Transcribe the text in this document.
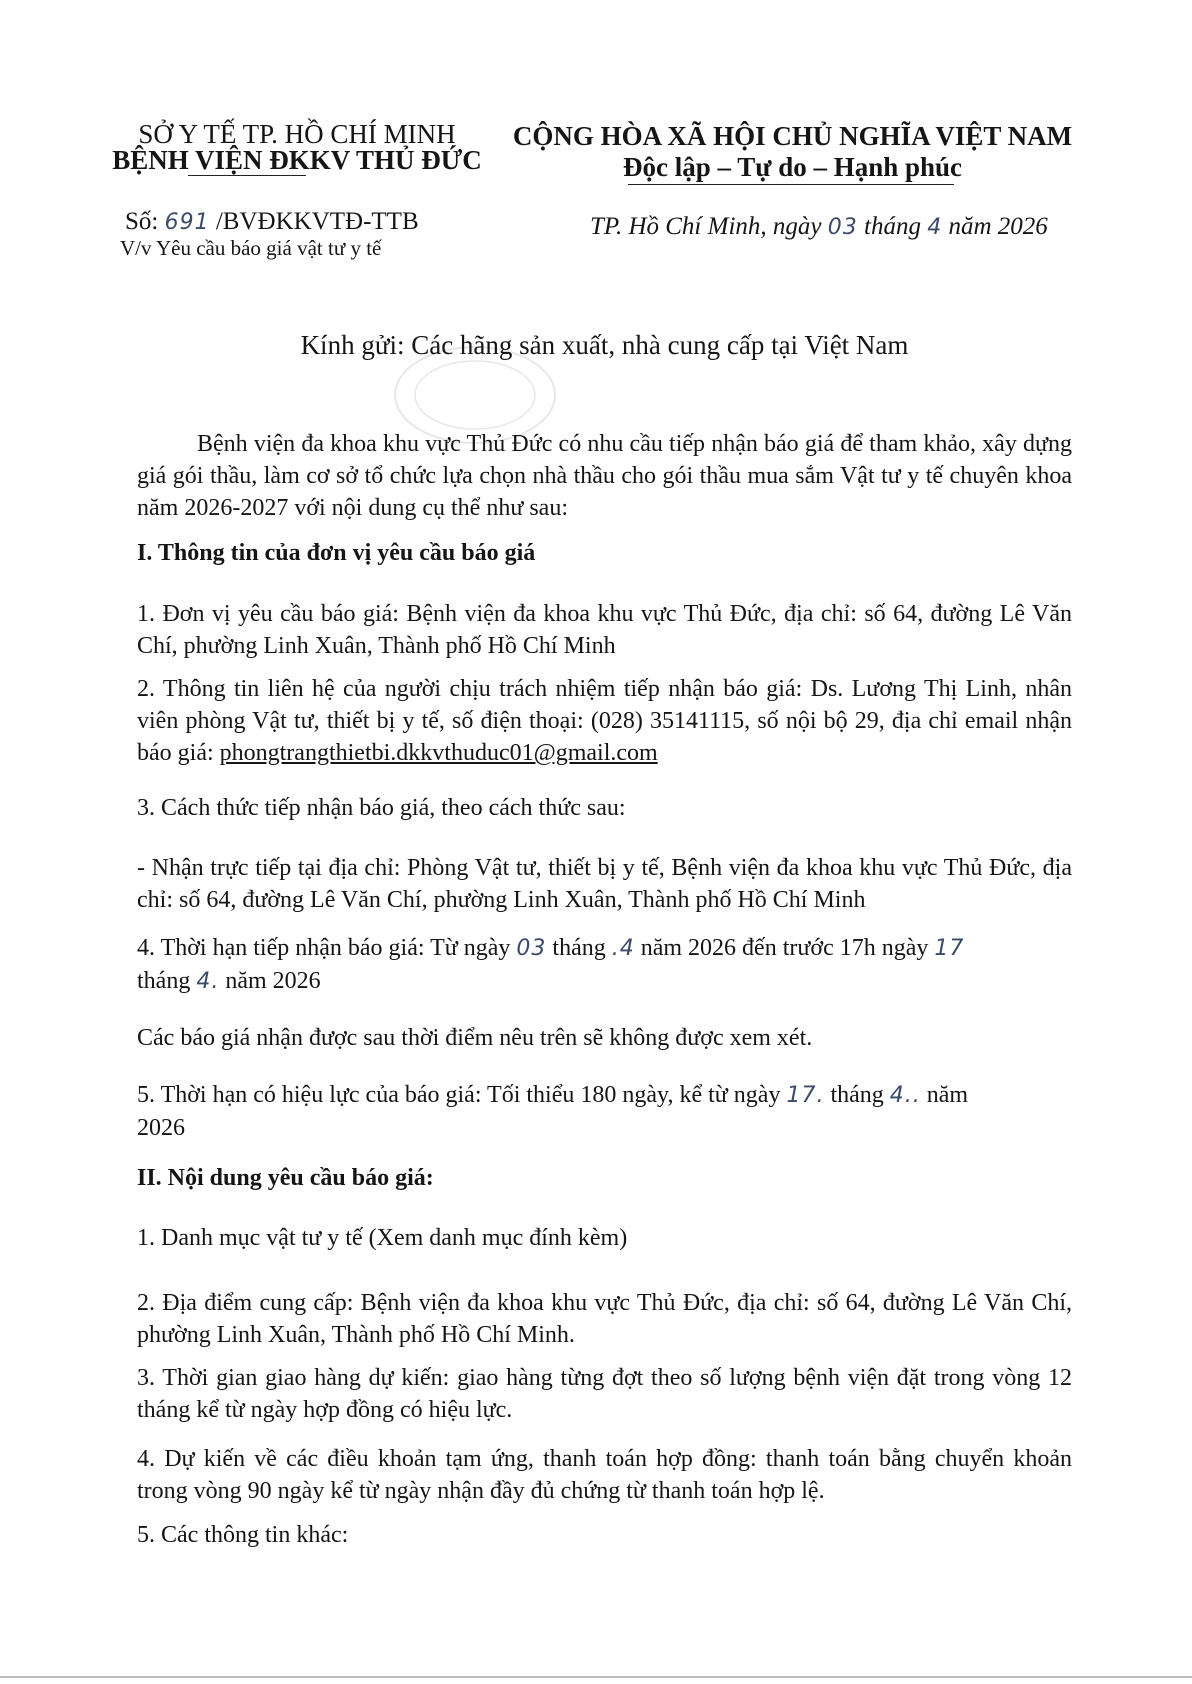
SỞ Y TẾ TP. HỒ CHÍ MINH
BỆNH VIỆN ĐKKV THỦ ĐỨC
Số: 691 /BVĐKKVTĐ-TTB
V/v Yêu cầu báo giá vật tư y tế
CỘNG HÒA XÃ HỘI CHỦ NGHĨA VIỆT NAM
Độc lập – Tự do – Hạnh phúc
TP. Hồ Chí Minh, ngày 03 tháng 4 năm 2026
Kính gửi: Các hãng sản xuất, nhà cung cấp tại Việt Nam
Bệnh viện đa khoa khu vực Thủ Đức có nhu cầu tiếp nhận báo giá để tham khảo, xây dựng giá gói thầu, làm cơ sở tổ chức lựa chọn nhà thầu cho gói thầu mua sắm Vật tư y tế chuyên khoa năm 2026-2027 với nội dung cụ thể như sau:
I. Thông tin của đơn vị yêu cầu báo giá
1. Đơn vị yêu cầu báo giá: Bệnh viện đa khoa khu vực Thủ Đức, địa chỉ: số 64, đường Lê Văn Chí, phường Linh Xuân, Thành phố Hồ Chí Minh
2. Thông tin liên hệ của người chịu trách nhiệm tiếp nhận báo giá: Ds. Lương Thị Linh, nhân viên phòng Vật tư, thiết bị y tế, số điện thoại: (028) 35141115, số nội bộ 29, địa chỉ email nhận báo giá: phongtrangthietbi.dkkvthuduc01@gmail.com
3. Cách thức tiếp nhận báo giá, theo cách thức sau:
- Nhận trực tiếp tại địa chỉ: Phòng Vật tư, thiết bị y tế, Bệnh viện đa khoa khu vực Thủ Đức, địa chỉ: số 64, đường Lê Văn Chí, phường Linh Xuân, Thành phố Hồ Chí Minh
4. Thời hạn tiếp nhận báo giá: Từ ngày 03 tháng .4 năm 2026 đến trước 17h ngày 17
tháng 4. năm 2026
Các báo giá nhận được sau thời điểm nêu trên sẽ không được xem xét.
5. Thời hạn có hiệu lực của báo giá: Tối thiểu 180 ngày, kể từ ngày 17. tháng 4.. năm
2026
II. Nội dung yêu cầu báo giá:
1. Danh mục vật tư y tế (Xem danh mục đính kèm)
2. Địa điểm cung cấp: Bệnh viện đa khoa khu vực Thủ Đức, địa chỉ: số 64, đường Lê Văn Chí, phường Linh Xuân, Thành phố Hồ Chí Minh.
3. Thời gian giao hàng dự kiến: giao hàng từng đợt theo số lượng bệnh viện đặt trong vòng 12 tháng kể từ ngày hợp đồng có hiệu lực.
4. Dự kiến về các điều khoản tạm ứng, thanh toán hợp đồng: thanh toán bằng chuyển khoản trong vòng 90 ngày kể từ ngày nhận đầy đủ chứng từ thanh toán hợp lệ.
5. Các thông tin khác:
